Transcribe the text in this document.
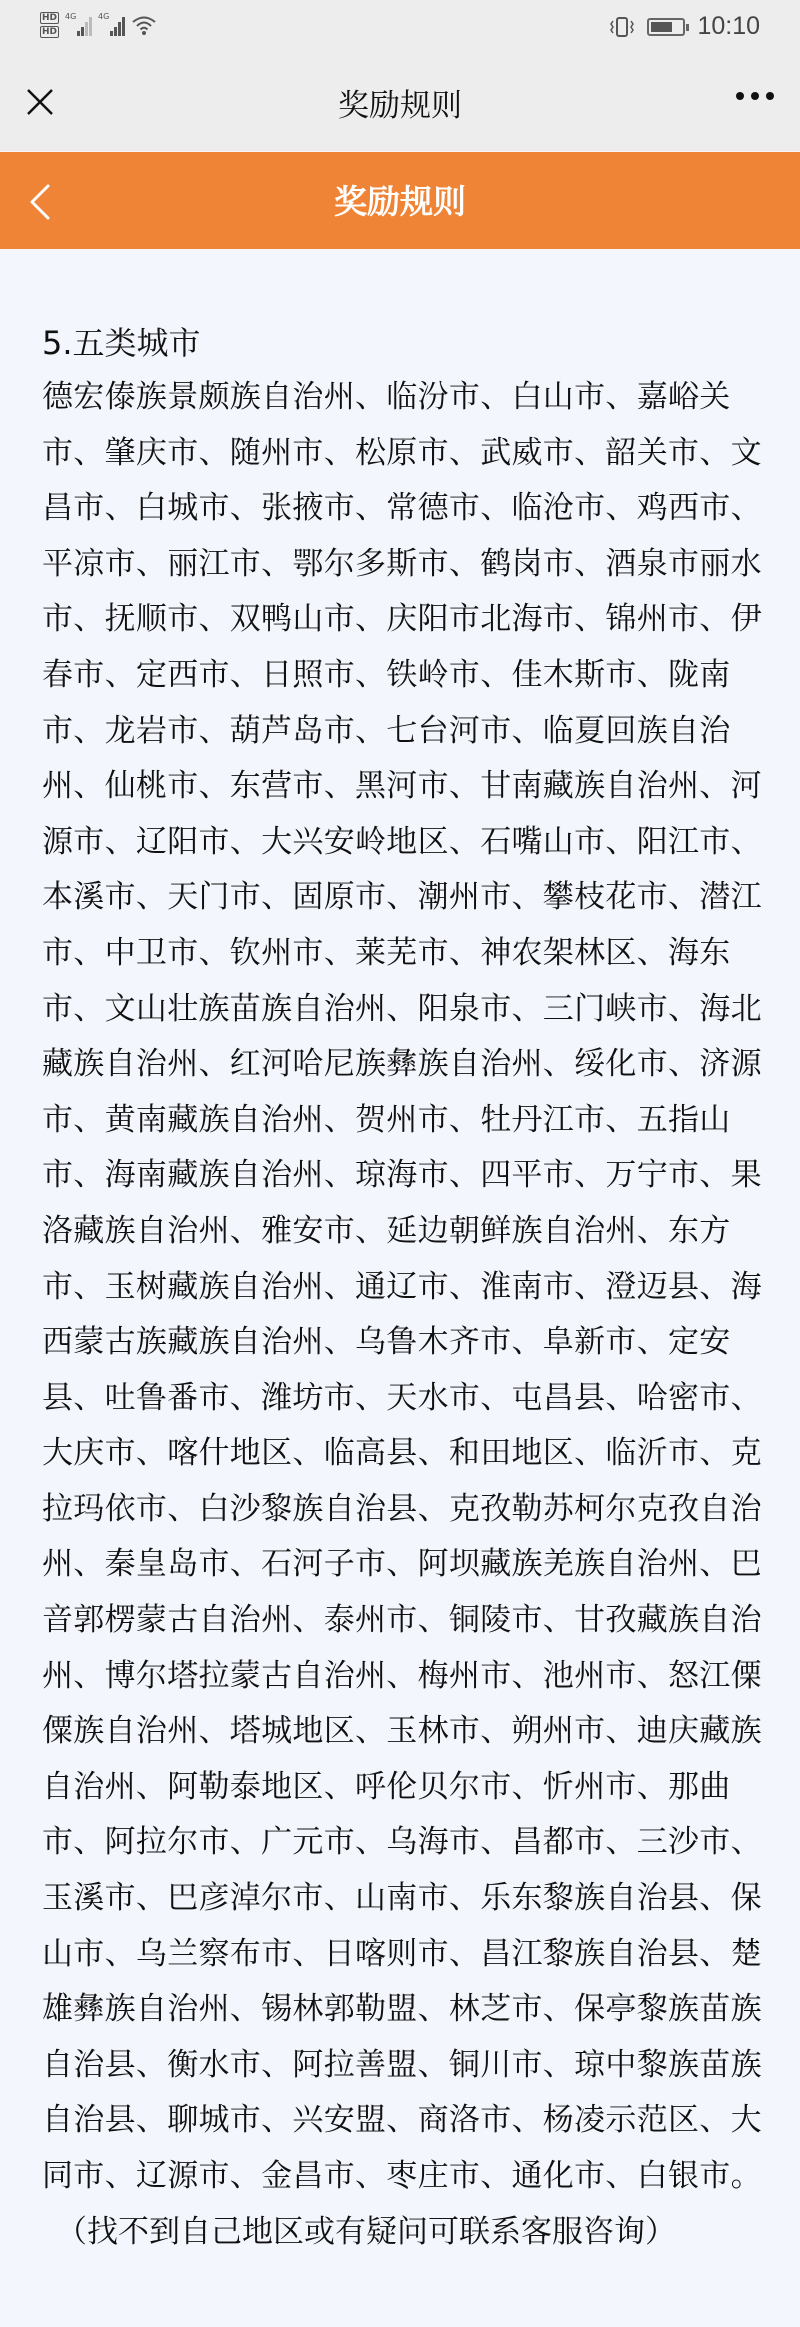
HD
HD
4G	4G	10:10
奖励规则
奖励规则
5.五类城市
德宏傣族景颇族自治州、临汾市、白山市、嘉峪关
市、肇庆市、随州市、松原市、武威市、韶关市、文
昌市、白城市、张掖市、常德市、临沧市、鸡西市、
平凉市、丽江市、鄂尔多斯市、鹤岗市、酒泉市丽水
市、抚顺市、双鸭山市、庆阳市北海市、锦州市、伊
春市、定西市、日照市、铁岭市、佳木斯市、陇南
市、龙岩市、葫芦岛市、七台河市、临夏回族自治
州、仙桃市、东营市、黑河市、甘南藏族自治州、河
源市、辽阳市、大兴安岭地区、石嘴山市、阳江市、
本溪市、天门市、固原市、潮州市、攀枝花市、潜江
市、中卫市、钦州市、莱芜市、神农架林区、海东
市、文山壮族苗族自治州、阳泉市、三门峡市、海北
藏族自治州、红河哈尼族彝族自治州、绥化市、济源
市、黄南藏族自治州、贺州市、牡丹江市、五指山
市、海南藏族自治州、琼海市、四平市、万宁市、果
洛藏族自治州、雅安市、延边朝鲜族自治州、东方
市、玉树藏族自治州、通辽市、淮南市、澄迈县、海
西蒙古族藏族自治州、乌鲁木齐市、阜新市、定安
县、吐鲁番市、潍坊市、天水市、屯昌县、哈密市、
大庆市、喀什地区、临高县、和田地区、临沂市、克
拉玛依市、白沙黎族自治县、克孜勒苏柯尔克孜自治
州、秦皇岛市、石河子市、阿坝藏族羌族自治州、巴
音郭楞蒙古自治州、泰州市、铜陵市、甘孜藏族自治
州、博尔塔拉蒙古自治州、梅州市、池州市、怒江傈
僳族自治州、塔城地区、玉林市、朔州市、迪庆藏族
自治州、阿勒泰地区、呼伦贝尔市、忻州市、那曲
市、阿拉尔市、广元市、乌海市、昌都市、三沙市、
玉溪市、巴彦淖尔市、山南市、乐东黎族自治县、保
山市、乌兰察布市、日喀则市、昌江黎族自治县、楚
雄彝族自治州、锡林郭勒盟、林芝市、保亭黎族苗族
自治县、衡水市、阿拉善盟、铜川市、琼中黎族苗族
自治县、聊城市、兴安盟、商洛市、杨凌示范区、大
同市、辽源市、金昌市、枣庄市、通化市、白银市。
（找不到自己地区或有疑问可联系客服咨询）
